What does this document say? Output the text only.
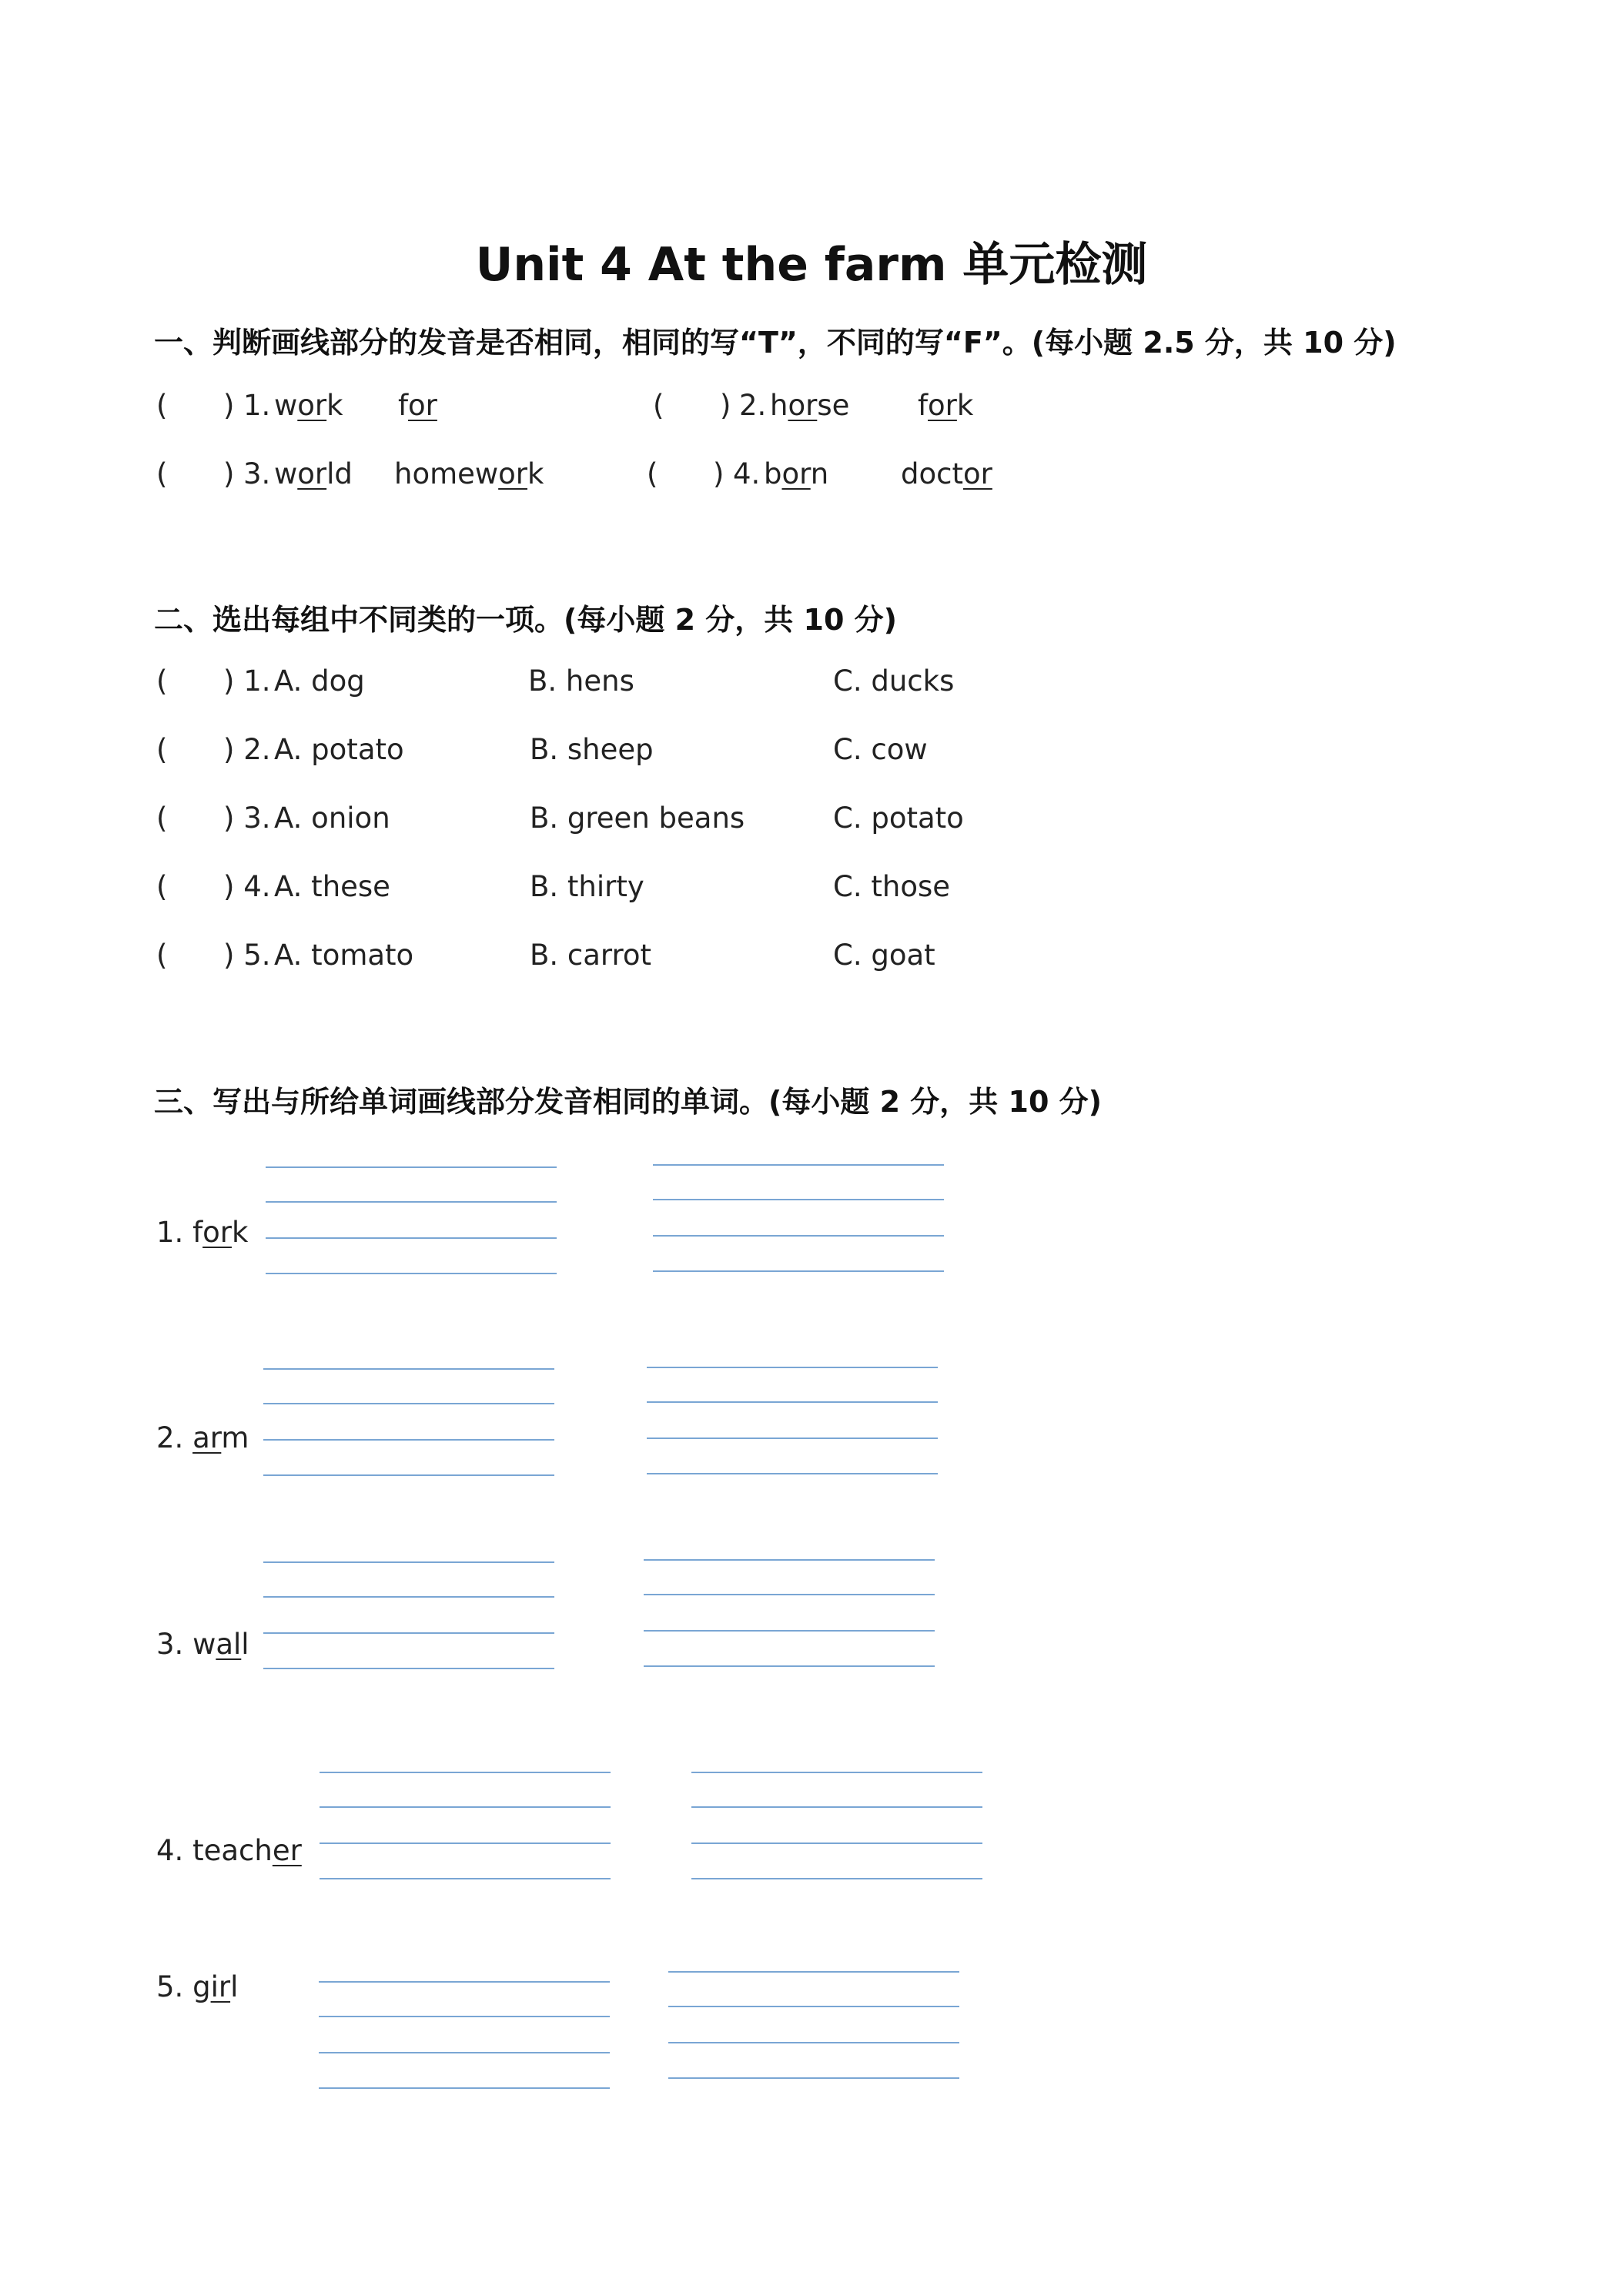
Unit 4 At the farm 单元检测
一、判断画线部分的发音是否相同，相同的写“T”，不同的写“F”。(每小题 2.5 分，共 10 分)
( ) 1. work for	( ) 2. horse fork
( ) 3. world homework	( ) 4. born	doctor
二、选出每组中不同类的一项。(每小题 2 分，共 10 分)
( ) 1. A. dog	B. hens	C. ducks
( ) 2. A. potato	B. sheep	C. cow
( ) 3. A. onion	B. green beans	C. potato
( ) 4. A. these	B. thirty	C. those
( ) 5. A. tomato	B. carrot	C. goat
三、写出与所给单词画线部分发音相同的单词。(每小题 2 分，共 10 分)
1. fork
2. arm
3. wall
4. teacher
5. girl
